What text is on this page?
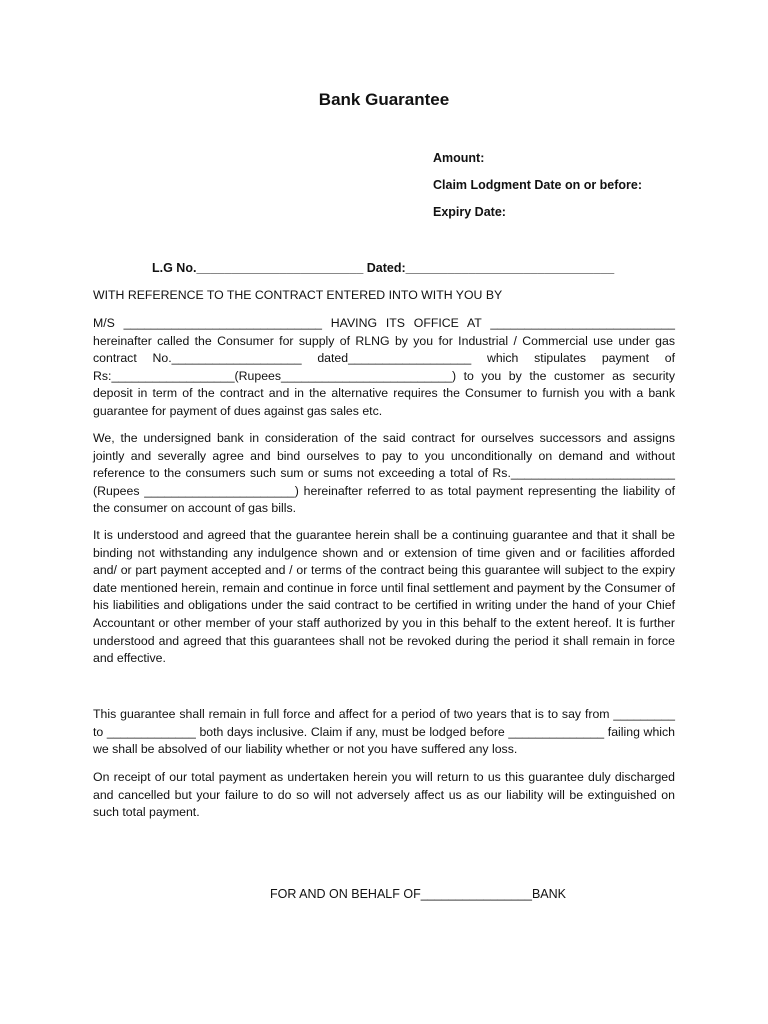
Bank Guarantee
Amount:
Claim Lodgment Date on or before:
Expiry Date:
L.G No.________________________ Dated:______________________________
WITH REFERENCE TO THE CONTRACT ENTERED INTO WITH YOU BY
M/S _____________________________ HAVING ITS OFFICE AT ___________________________ hereinafter called the Consumer for supply of RLNG by you for Industrial / Commercial use under gas contract No.___________________ dated__________________ which stipulates payment of Rs:__________________(Rupees_________________________) to you by the customer as security deposit in term of the contract and in the alternative requires the Consumer to furnish you with a bank guarantee for payment of dues against gas sales etc.
We, the undersigned bank in consideration of the said contract for ourselves successors and assigns jointly and severally agree and bind ourselves to pay to you unconditionally on demand and without reference to the consumers such sum or sums not exceeding a total of Rs.________________________ (Rupees ______________________) hereinafter referred to as total payment representing the liability of the consumer on account of gas bills.
It is understood and agreed that the guarantee herein shall be a continuing guarantee and that it shall be binding not withstanding any indulgence shown and or extension of time given and or facilities afforded and/ or part payment accepted and / or terms of the contract being this guarantee will subject to the expiry date mentioned herein, remain and continue in force until final settlement and payment by the Consumer of his liabilities and obligations under the said contract to be certified in writing under the hand of your Chief Accountant or other member of your staff authorized by you in this behalf to the extent hereof. It is further understood and agreed that this guarantees shall not be revoked during the period it shall remain in force and effective.
This guarantee shall remain in full force and affect for a period of two years that is to say from _________ to _____________ both days inclusive. Claim if any, must be lodged before ______________ failing which we shall be absolved of our liability whether or not you have suffered any loss.
On receipt of our total payment as undertaken herein you will return to us this guarantee duly discharged and cancelled but your failure to do so will not adversely affect us as our liability will be extinguished on such total payment.
FOR AND ON BEHALF OF________________BANK
